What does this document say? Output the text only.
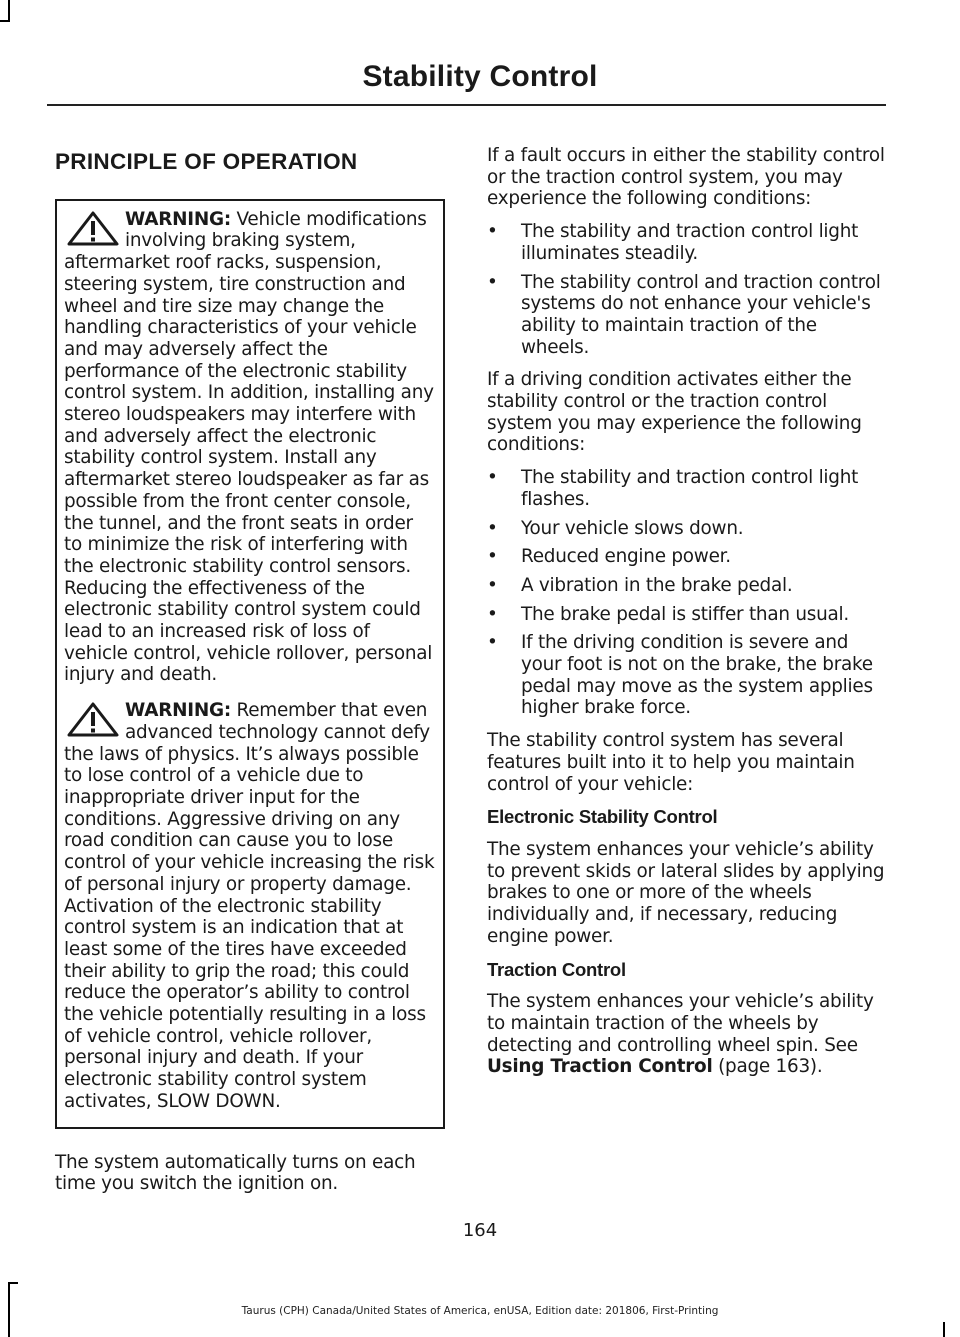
Stability Control
PRINCIPLE OF OPERATION

WARNING: Vehicle modifications involving braking system, aftermarket roof racks, suspension, steering system, tire construction and wheel and tire size may change the handling characteristics of your vehicle and may adversely affect the performance of the electronic stability control system. In addition, installing any stereo loudspeakers may interfere with and adversely affect the electronic stability control system. Install any aftermarket stereo loudspeaker as far as possible from the front center console, the tunnel, and the front seats in order to minimize the risk of interfering with the electronic stability control sensors. Reducing the effectiveness of the electronic stability control system could lead to an increased risk of loss of vehicle control, vehicle rollover, personal injury and death.

WARNING: Remember that even advanced technology cannot defy the laws of physics. It’s always possible to lose control of a vehicle due to inappropriate driver input for the conditions. Aggressive driving on any road condition can cause you to lose control of your vehicle increasing the risk of personal injury or property damage. Activation of the electronic stability control system is an indication that at least some of the tires have exceeded their ability to grip the road; this could reduce the operator’s ability to control the vehicle potentially resulting in a loss of vehicle control, vehicle rollover, personal injury and death. If your electronic stability control system activates, SLOW DOWN.

The system automatically turns on each time you switch the ignition on.

If a fault occurs in either the stability control or the traction control system, you may experience the following conditions:

• The stability and traction control light illuminates steadily.
• The stability control and traction control systems do not enhance your vehicle's ability to maintain traction of the wheels.

If a driving condition activates either the stability control or the traction control system you may experience the following conditions:

• The stability and traction control light flashes.
• Your vehicle slows down.
• Reduced engine power.
• A vibration in the brake pedal.
• The brake pedal is stiffer than usual.
• If the driving condition is severe and your foot is not on the brake, the brake pedal may move as the system applies higher brake force.

The stability control system has several features built into it to help you maintain control of your vehicle:

Electronic Stability Control

The system enhances your vehicle’s ability to prevent skids or lateral slides by applying brakes to one or more of the wheels individually and, if necessary, reducing engine power.

Traction Control

The system enhances your vehicle’s ability to maintain traction of the wheels by detecting and controlling wheel spin. See Using Traction Control (page 163).

164
Taurus (CPH) Canada/United States of America, enUSA, Edition date: 201806, First-Printing
